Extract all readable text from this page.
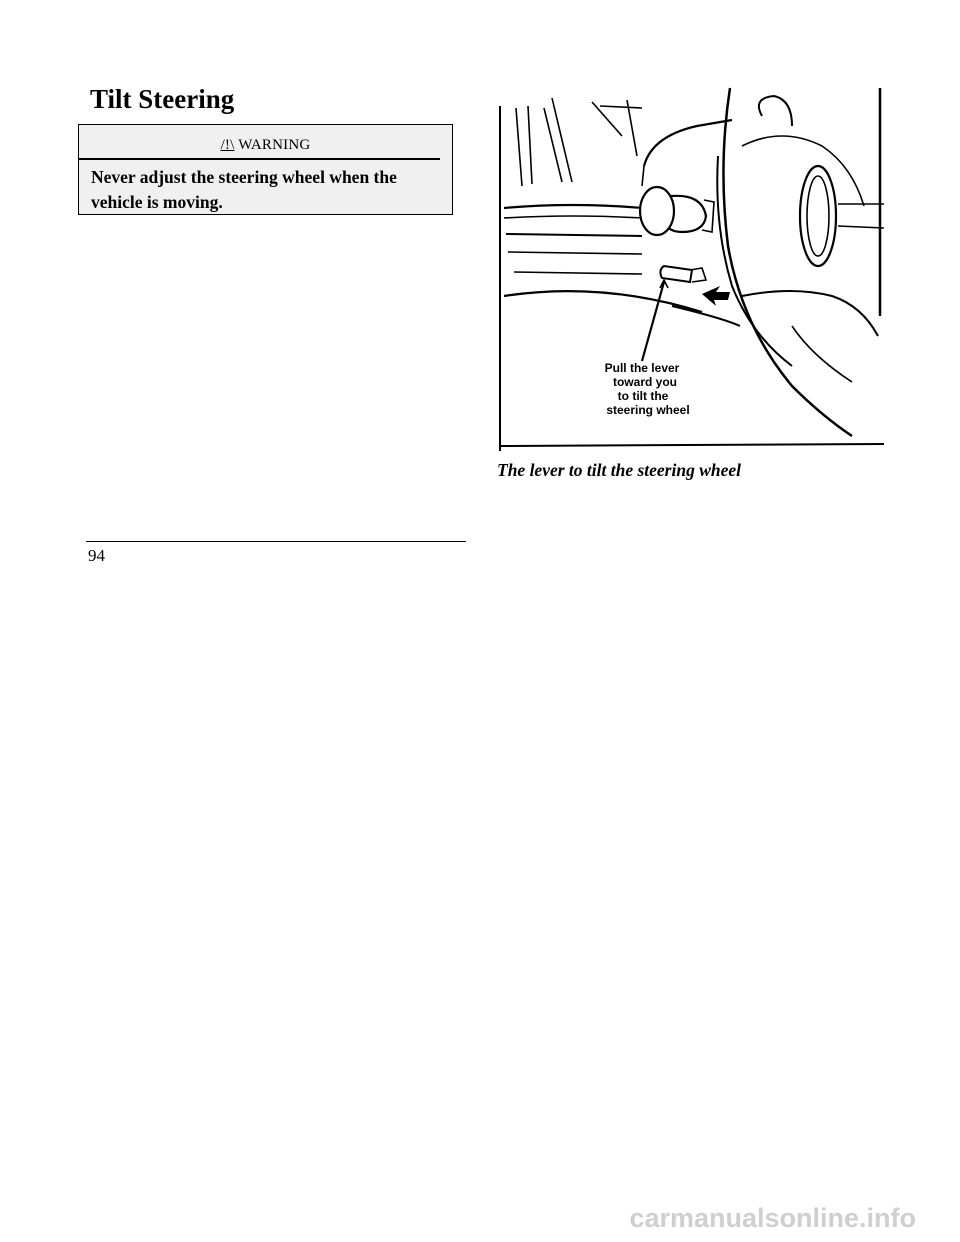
Tilt Steering
/!\ WARNING
Never adjust the steering wheel when the vehicle is moving.
Pull the lever
toward you
to tilt the
steering wheel
The lever to tilt the steering wheel
94
carmanualsonline.info
